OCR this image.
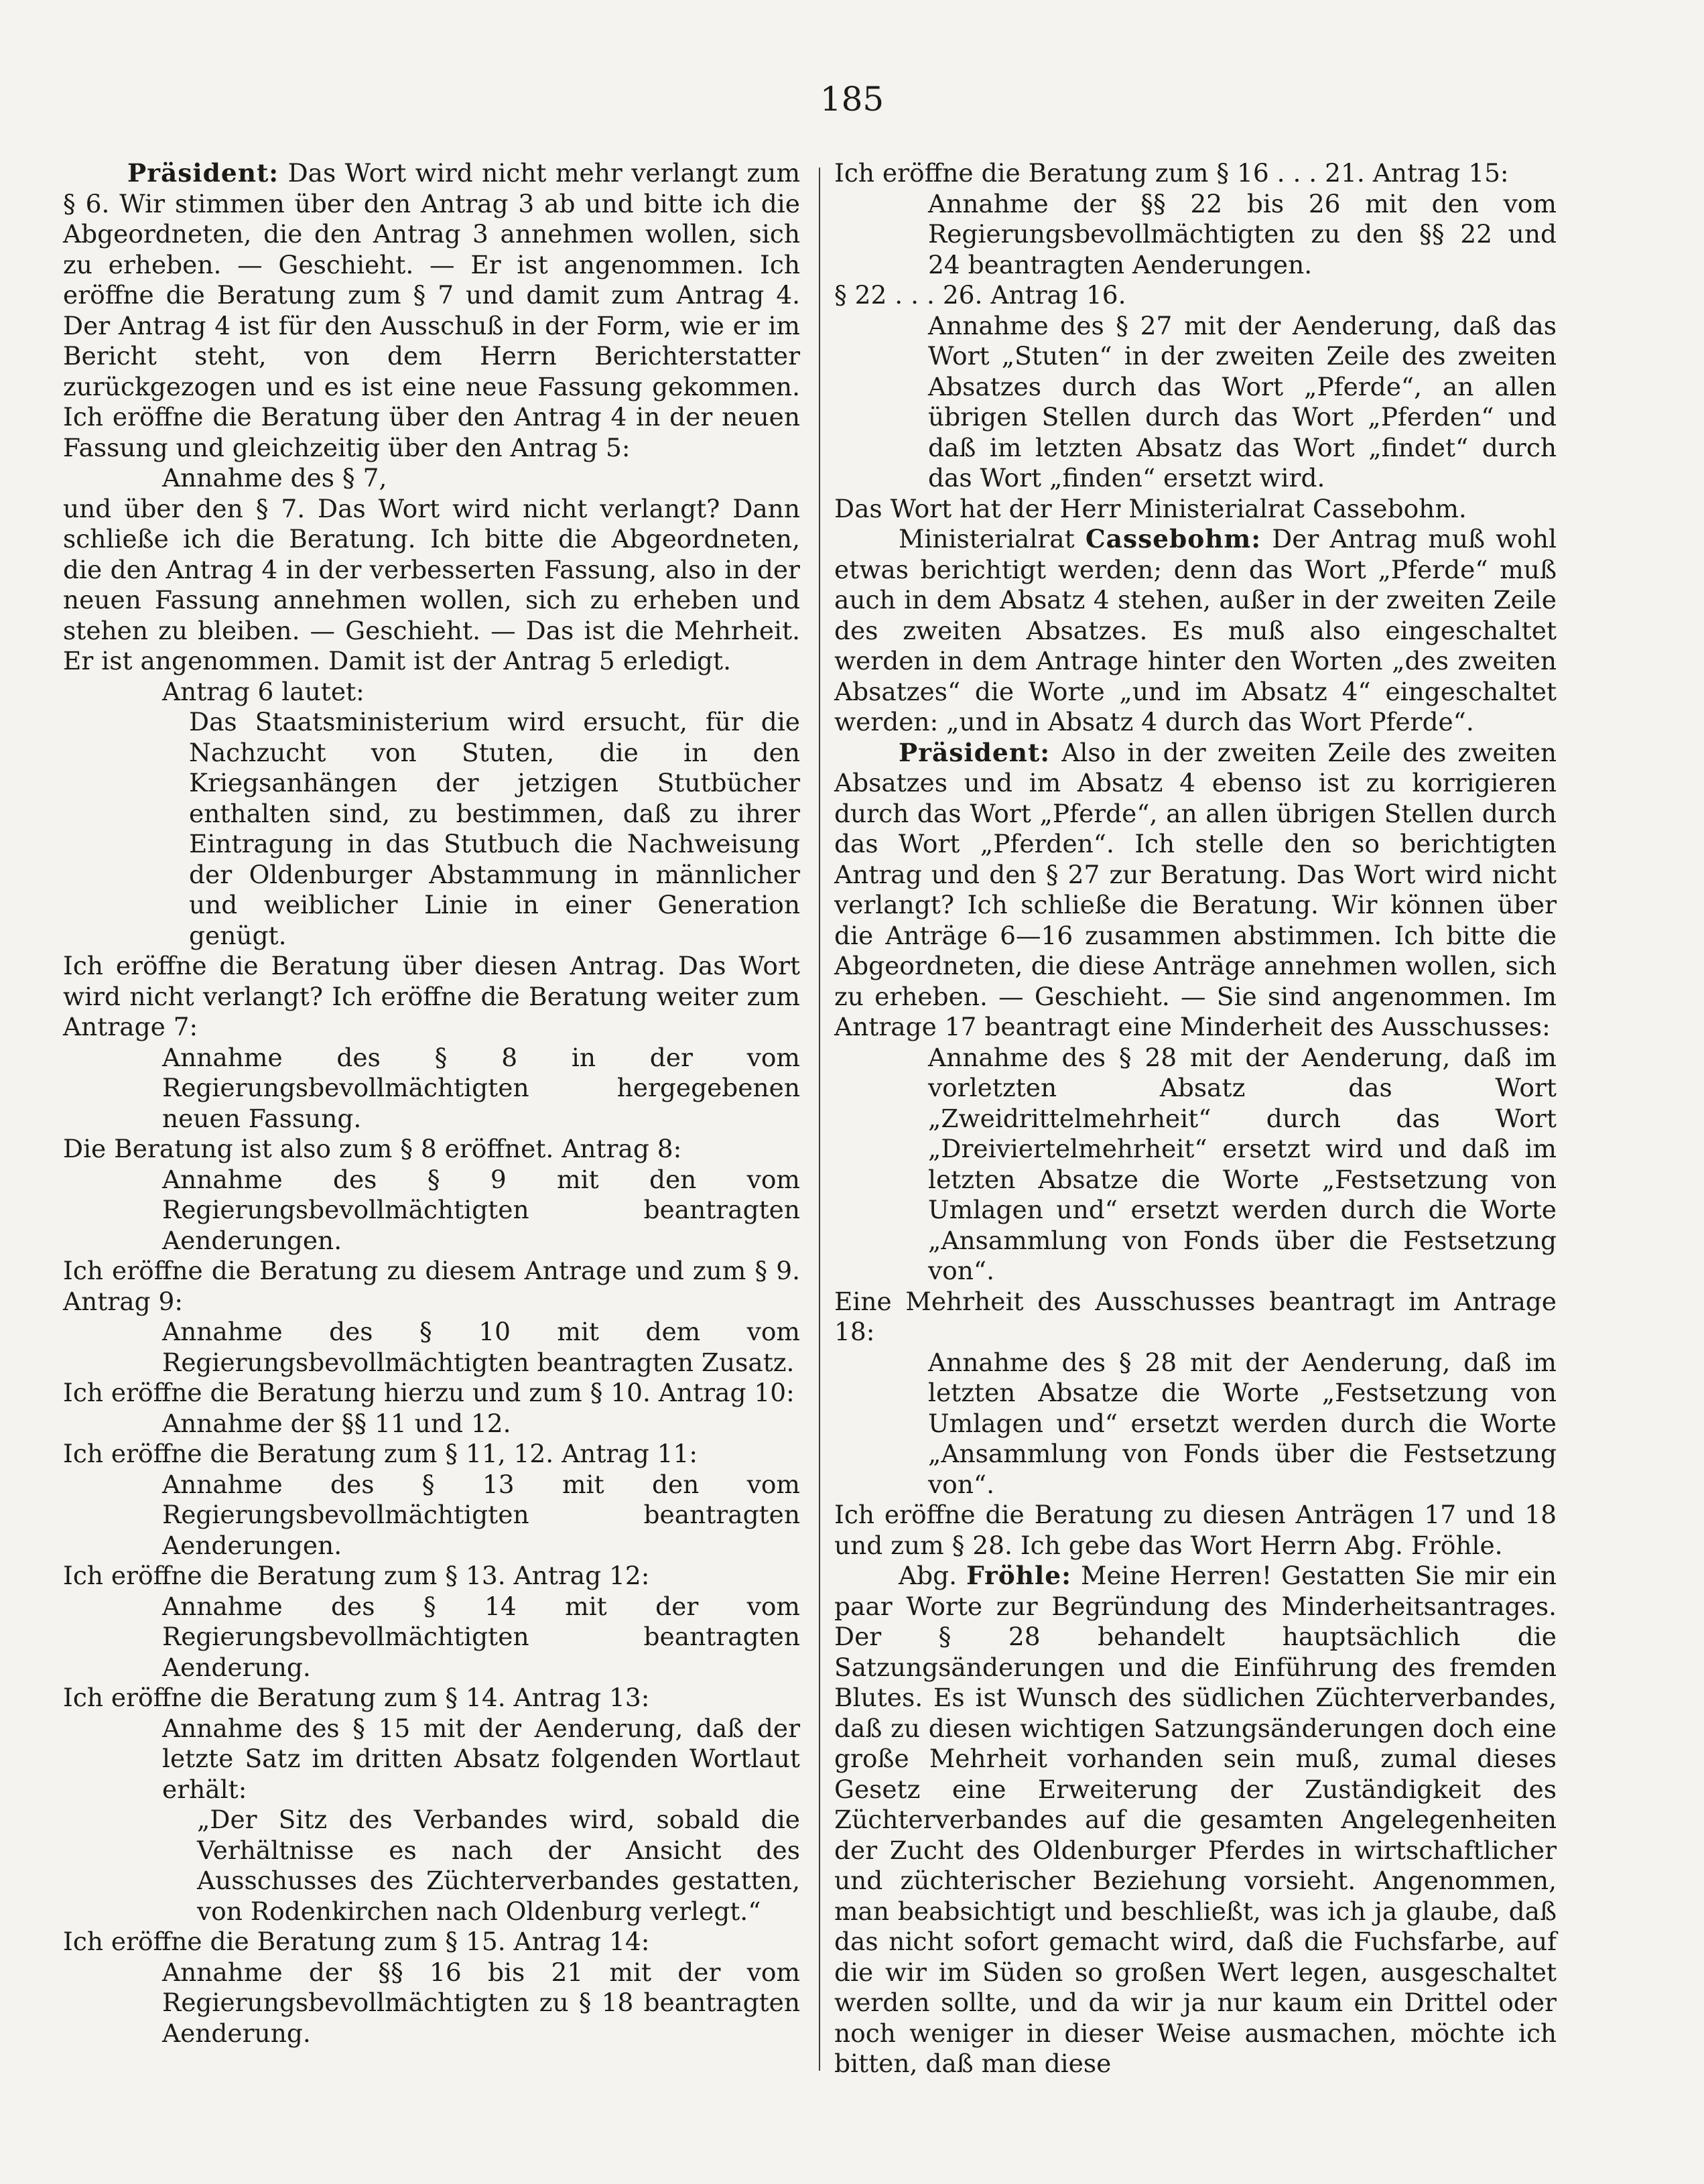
185

Präsident: Das Wort wird nicht mehr verlangt zum § 6. Wir stimmen über den Antrag 3 ab und bitte ich die Abgeordneten, die den Antrag 3 annehmen wollen, sich zu erheben. — Geschieht. — Er ist angenommen. Ich eröffne die Beratung zum § 7 und damit zum Antrag 4. Der Antrag 4 ist für den Ausschuß in der Form, wie er im Bericht steht, von dem Herrn Berichterstatter zurückgezogen und es ist eine neue Fassung gekommen. Ich eröffne die Beratung über den Antrag 4 in der neuen Fassung und gleichzeitig über den Antrag 5:

Annahme des § 7,

und über den § 7. Das Wort wird nicht verlangt? Dann schließe ich die Beratung. Ich bitte die Abgeordneten, die den Antrag 4 in der verbesserten Fassung, also in der neuen Fassung annehmen wollen, sich zu erheben und stehen zu bleiben. — Geschieht. — Das ist die Mehrheit. Er ist angenommen. Damit ist der Antrag 5 erledigt.

Antrag 6 lautet:

Das Staatsministerium wird ersucht, für die Nachzucht von Stuten, die in den Kriegsanhängen der jetzigen Stutbücher enthalten sind, zu bestimmen, daß zu ihrer Eintragung in das Stutbuch die Nachweisung der Oldenburger Abstammung in männlicher und weiblicher Linie in einer Generation genügt.

Ich eröffne die Beratung über diesen Antrag. Das Wort wird nicht verlangt? Ich eröffne die Beratung weiter zum Antrage 7:

Annahme des § 8 in der vom Regierungsbevollmächtigten hergegebenen neuen Fassung.

Die Beratung ist also zum § 8 eröffnet. Antrag 8:

Annahme des § 9 mit den vom Regierungsbevollmächtigten beantragten Aenderungen.

Ich eröffne die Beratung zu diesem Antrage und zum § 9. Antrag 9:

Annahme des § 10 mit dem vom Regierungsbevollmächtigten beantragten Zusatz.

Ich eröffne die Beratung hierzu und zum § 10. Antrag 10:

Annahme der §§ 11 und 12.

Ich eröffne die Beratung zum § 11, 12. Antrag 11:

Annahme des § 13 mit den vom Regierungsbevollmächtigten beantragten Aenderungen.

Ich eröffne die Beratung zum § 13. Antrag 12:

Annahme des § 14 mit der vom Regierungsbevollmächtigten beantragten Aenderung.

Ich eröffne die Beratung zum § 14. Antrag 13:

Annahme des § 15 mit der Aenderung, daß der letzte Satz im dritten Absatz folgenden Wortlaut erhält:

„Der Sitz des Verbandes wird, sobald die Verhältnisse es nach der Ansicht des Ausschusses des Züchterverbandes gestatten, von Rodenkirchen nach Oldenburg verlegt.“

Ich eröffne die Beratung zum § 15. Antrag 14:

Annahme der §§ 16 bis 21 mit der vom Regierungsbevollmächtigten zu § 18 beantragten Aenderung.

Ich eröffne die Beratung zum § 16 . . . 21. Antrag 15:

Annahme der §§ 22 bis 26 mit den vom Regierungsbevollmächtigten zu den §§ 22 und 24 beantragten Aenderungen.

§ 22 . . . 26. Antrag 16.

Annahme des § 27 mit der Aenderung, daß das Wort „Stuten“ in der zweiten Zeile des zweiten Absatzes durch das Wort „Pferde“, an allen übrigen Stellen durch das Wort „Pferden“ und daß im letzten Absatz das Wort „findet“ durch das Wort „finden“ ersetzt wird.

Das Wort hat der Herr Ministerialrat Cassebohm.

Ministerialrat Cassebohm: Der Antrag muß wohl etwas berichtigt werden; denn das Wort „Pferde“ muß auch in dem Absatz 4 stehen, außer in der zweiten Zeile des zweiten Absatzes. Es muß also eingeschaltet werden in dem Antrage hinter den Worten „des zweiten Absatzes“ die Worte „und im Absatz 4“ eingeschaltet werden: „und in Absatz 4 durch das Wort Pferde“.

Präsident: Also in der zweiten Zeile des zweiten Absatzes und im Absatz 4 ebenso ist zu korrigieren durch das Wort „Pferde“, an allen übrigen Stellen durch das Wort „Pferden“. Ich stelle den so berichtigten Antrag und den § 27 zur Beratung. Das Wort wird nicht verlangt? Ich schließe die Beratung. Wir können über die Anträge 6—16 zusammen abstimmen. Ich bitte die Abgeordneten, die diese Anträge annehmen wollen, sich zu erheben. — Geschieht. — Sie sind angenommen. Im Antrage 17 beantragt eine Minderheit des Ausschusses:

Annahme des § 28 mit der Aenderung, daß im vorletzten Absatz das Wort „Zweidrittelmehrheit“ durch das Wort „Dreiviertelmehrheit“ ersetzt wird und daß im letzten Absatze die Worte „Festsetzung von Umlagen und“ ersetzt werden durch die Worte „Ansammlung von Fonds über die Festsetzung von“.

Eine Mehrheit des Ausschusses beantragt im Antrage 18:

Annahme des § 28 mit der Aenderung, daß im letzten Absatze die Worte „Festsetzung von Umlagen und“ ersetzt werden durch die Worte „Ansammlung von Fonds über die Festsetzung von“.

Ich eröffne die Beratung zu diesen Anträgen 17 und 18 und zum § 28. Ich gebe das Wort Herrn Abg. Fröhle.

Abg. Fröhle: Meine Herren! Gestatten Sie mir ein paar Worte zur Begründung des Minderheitsantrages. Der § 28 behandelt hauptsächlich die Satzungsänderungen und die Einführung des fremden Blutes. Es ist Wunsch des südlichen Züchterverbandes, daß zu diesen wichtigen Satzungsänderungen doch eine große Mehrheit vorhanden sein muß, zumal dieses Gesetz eine Erweiterung der Zuständigkeit des Züchterverbandes auf die gesamten Angelegenheiten der Zucht des Oldenburger Pferdes in wirtschaftlicher und züchterischer Beziehung vorsieht. Angenommen, man beabsichtigt und beschließt, was ich ja glaube, daß das nicht sofort gemacht wird, daß die Fuchsfarbe, auf die wir im Süden so großen Wert legen, ausgeschaltet werden sollte, und da wir ja nur kaum ein Drittel oder noch weniger in dieser Weise ausmachen, möchte ich bitten, daß man diese
